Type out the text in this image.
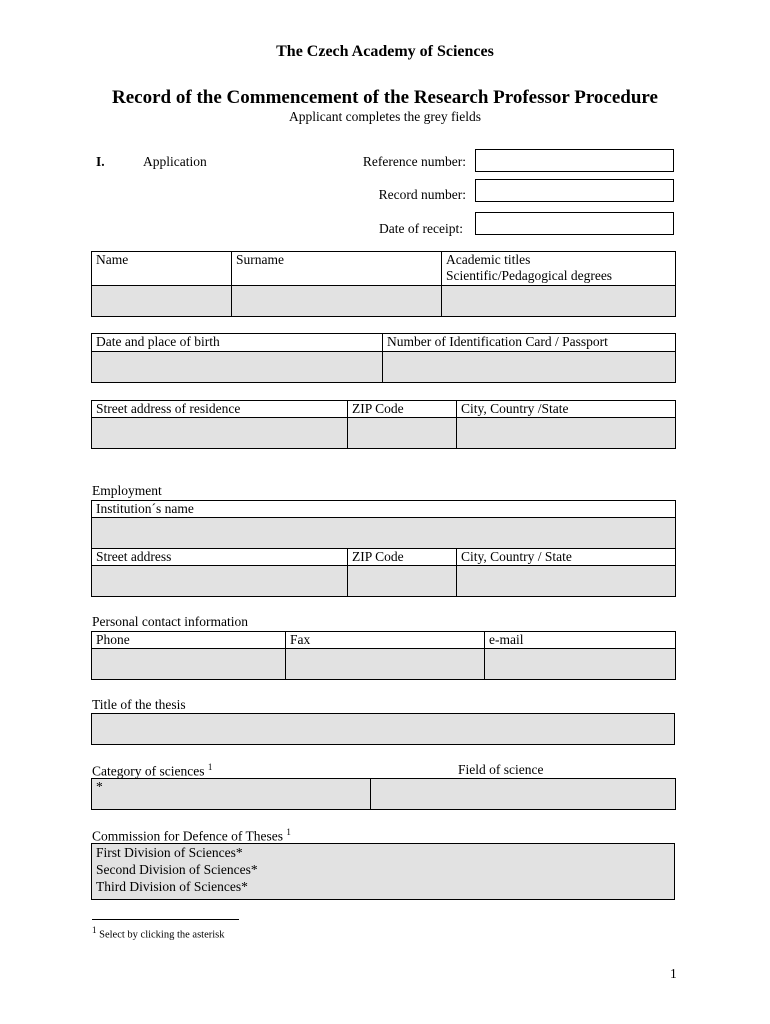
The Czech Academy of Sciences
Record of the Commencement of the Research Professor Procedure
Applicant completes the grey fields
I.	Application	Reference number:
Record number:
Date of receipt:
Name	Surname	Academic titles
Scientific/Pedagogical degrees

Date and place of birth	Number of Identification Card / Passport

Street address of residence	ZIP Code	City, Country /State

Employment
Institution´s name		

Street address	ZIP Code	City, Country / State

Personal contact information
Phone	Fax	e-mail

Title of the thesis
Category of sciences $^1$	Field of science
*	
Commission for Defence of Theses $^1$
First Division of Sciences*
Second Division of Sciences*
Third Division of Sciences*
$^1$ Select by clicking the asterisk
1
